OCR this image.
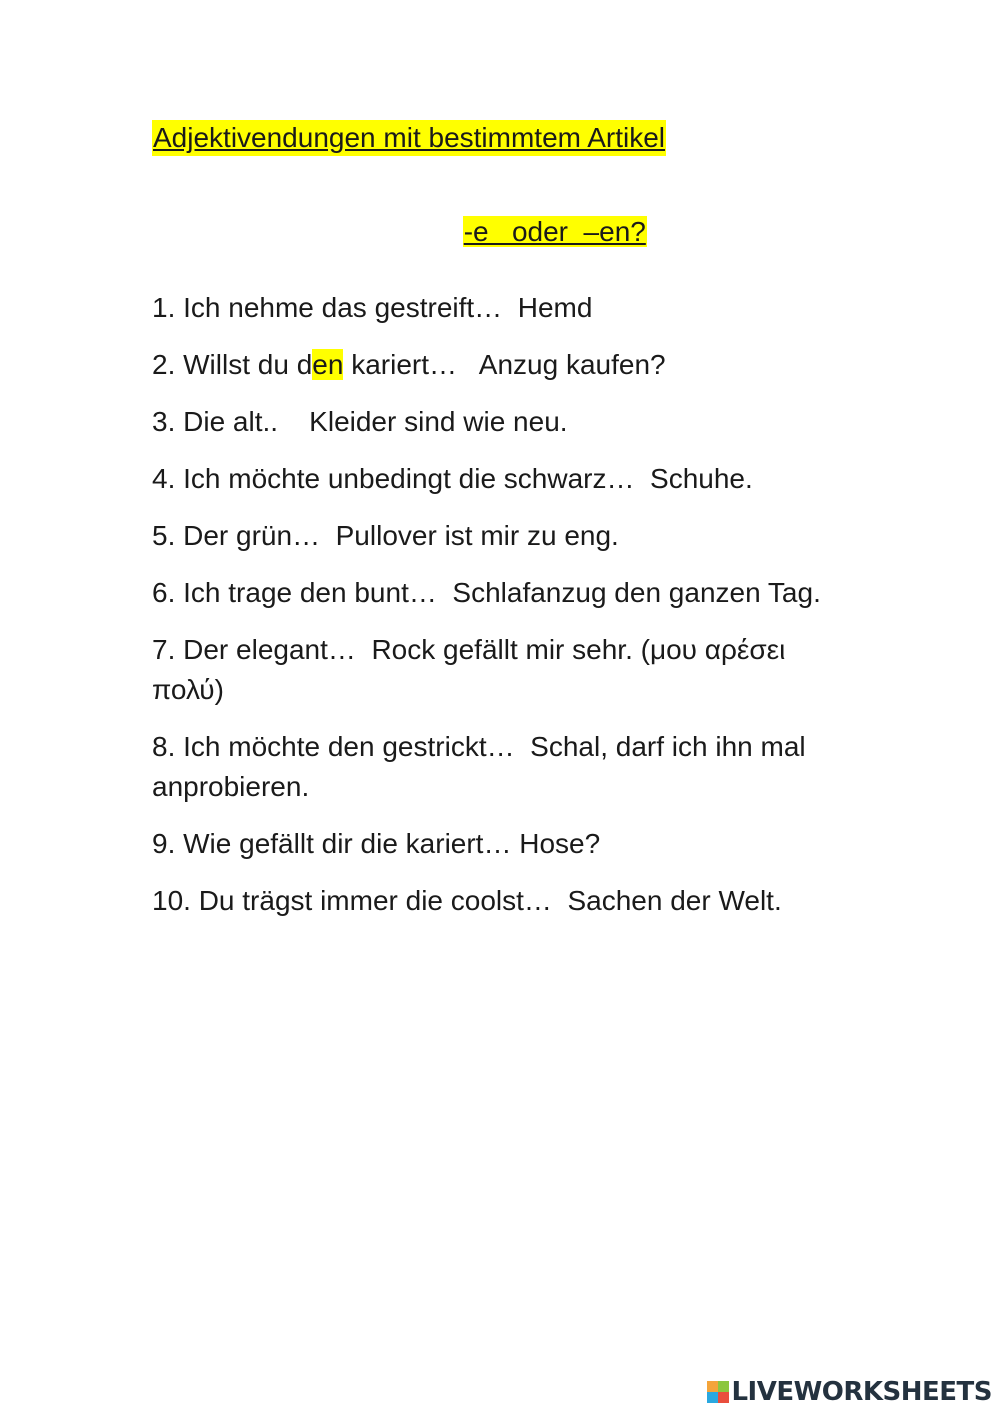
Adjektivendungen mit bestimmtem Artikel

-e   oder  –en?

1. Ich nehme das gestreift…  Hemd
2. Willst du den kariert…   Anzug kaufen?
3. Die alt..    Kleider sind wie neu.
4. Ich möchte unbedingt die schwarz…  Schuhe.
5. Der grün…  Pullover ist mir zu eng.
6. Ich trage den bunt…  Schlafanzug den ganzen Tag.
7. Der elegant…  Rock gefällt mir sehr. (μου αρέσει πολύ)
8. Ich möchte den gestrickt…  Schal, darf ich ihn mal anprobieren.
9. Wie gefällt dir die kariert… Hose?
10. Du trägst immer die coolst…  Sachen der Welt.
LIVEWORKSHEETS
